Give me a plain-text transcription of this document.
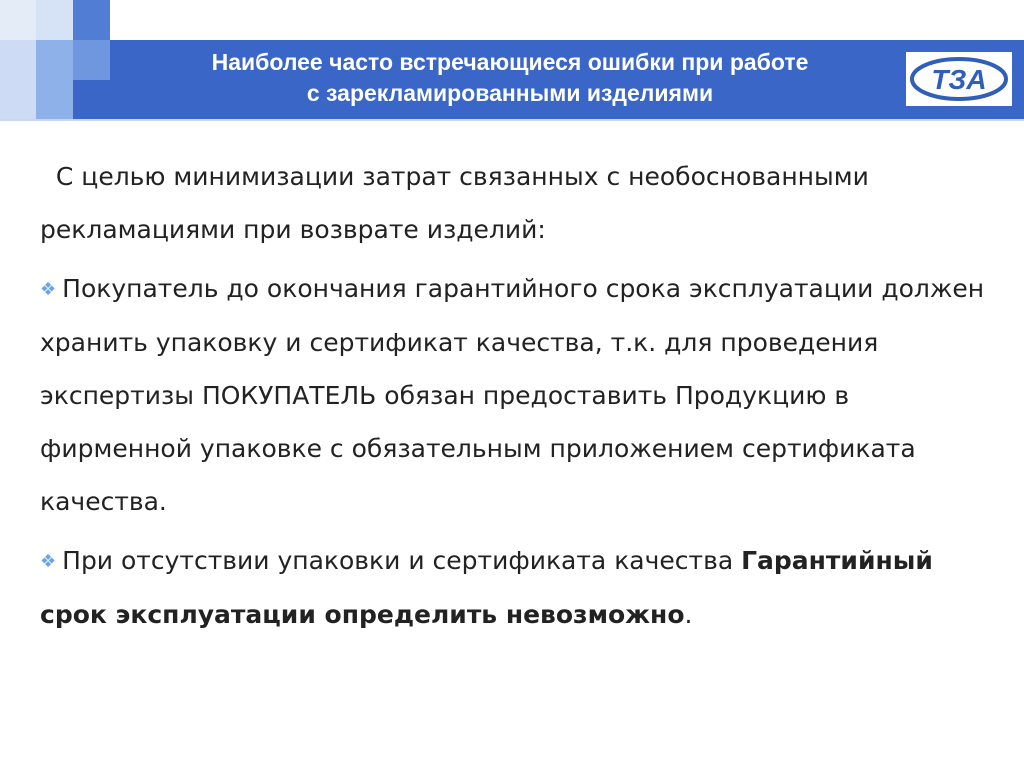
Наиболее часто встречающиеся ошибки при работе
с зарекламированными изделиями	ТЗА

С целью минимизации затрат связанных с необоснованными рекламациями при возврате изделий:

❖ Покупатель до окончания гарантийного срока эксплуатации должен хранить упаковку и сертификат качества, т.к. для проведения экспертизы ПОКУПАТЕЛЬ обязан предоставить Продукцию в фирменной упаковке с обязательным приложением сертификата качества.

❖ При отсутствии упаковки и сертификата качества Гарантийный срок эксплуатации определить невозможно.
